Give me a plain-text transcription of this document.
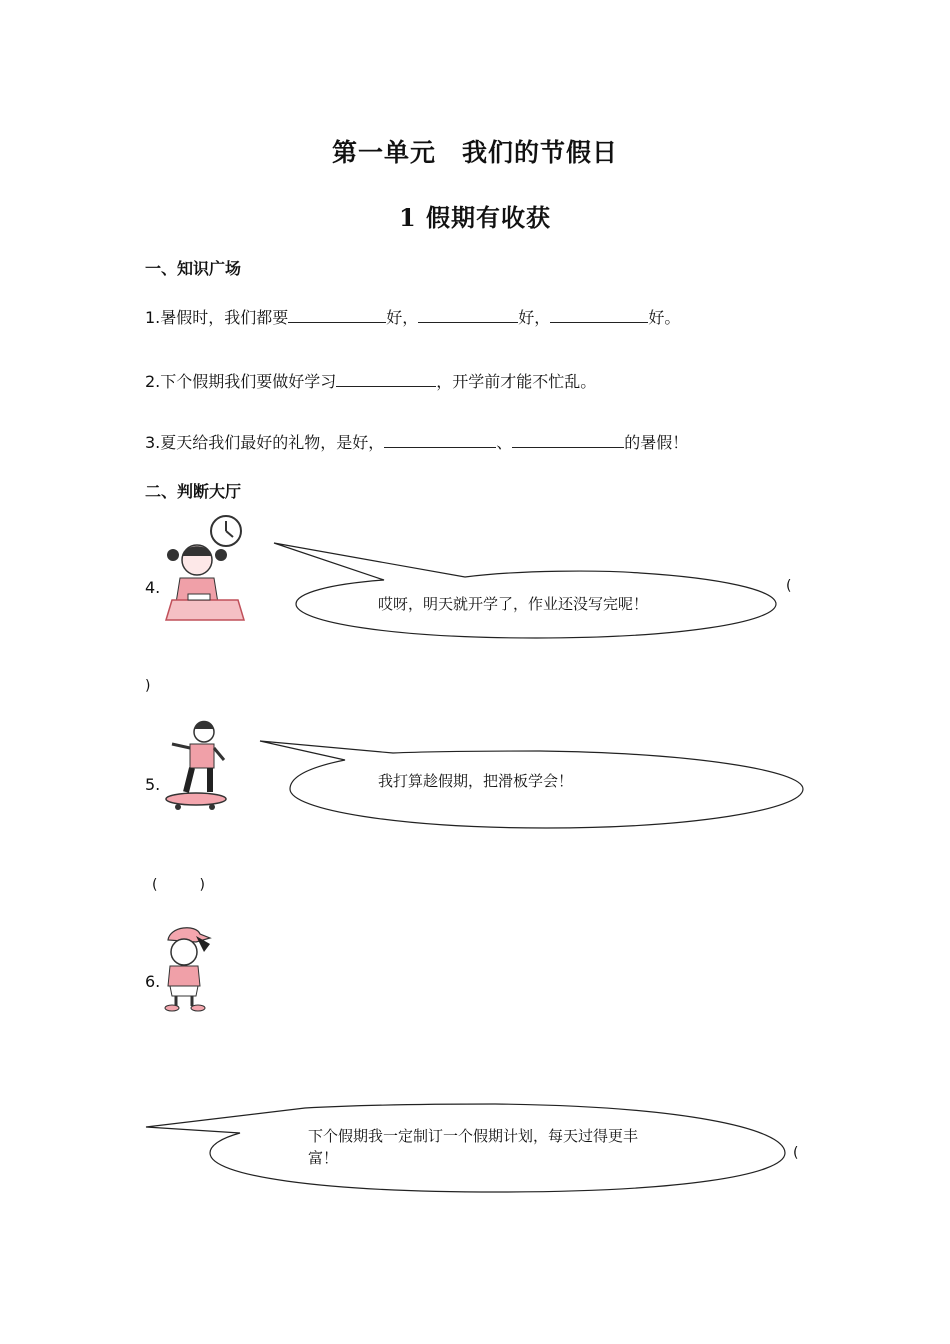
第一单元　我们的节假日
1 假期有收获
一、知识广场
1.暑假时，我们都要	好，	好，	好。
2.下个假期我们要做好学习	，开学前才能不忙乱。
3.夏天给我们最好的礼物，是好，	、	的暑假！
二、判断大厅
4.
哎呀，明天就开学了，作业还没写完呢！
(
)
5.	我打算趁假期，把滑板学会！
(　　　)
6.
下个假期我一定制订一个假期计划，每天过得更丰
富！	(
